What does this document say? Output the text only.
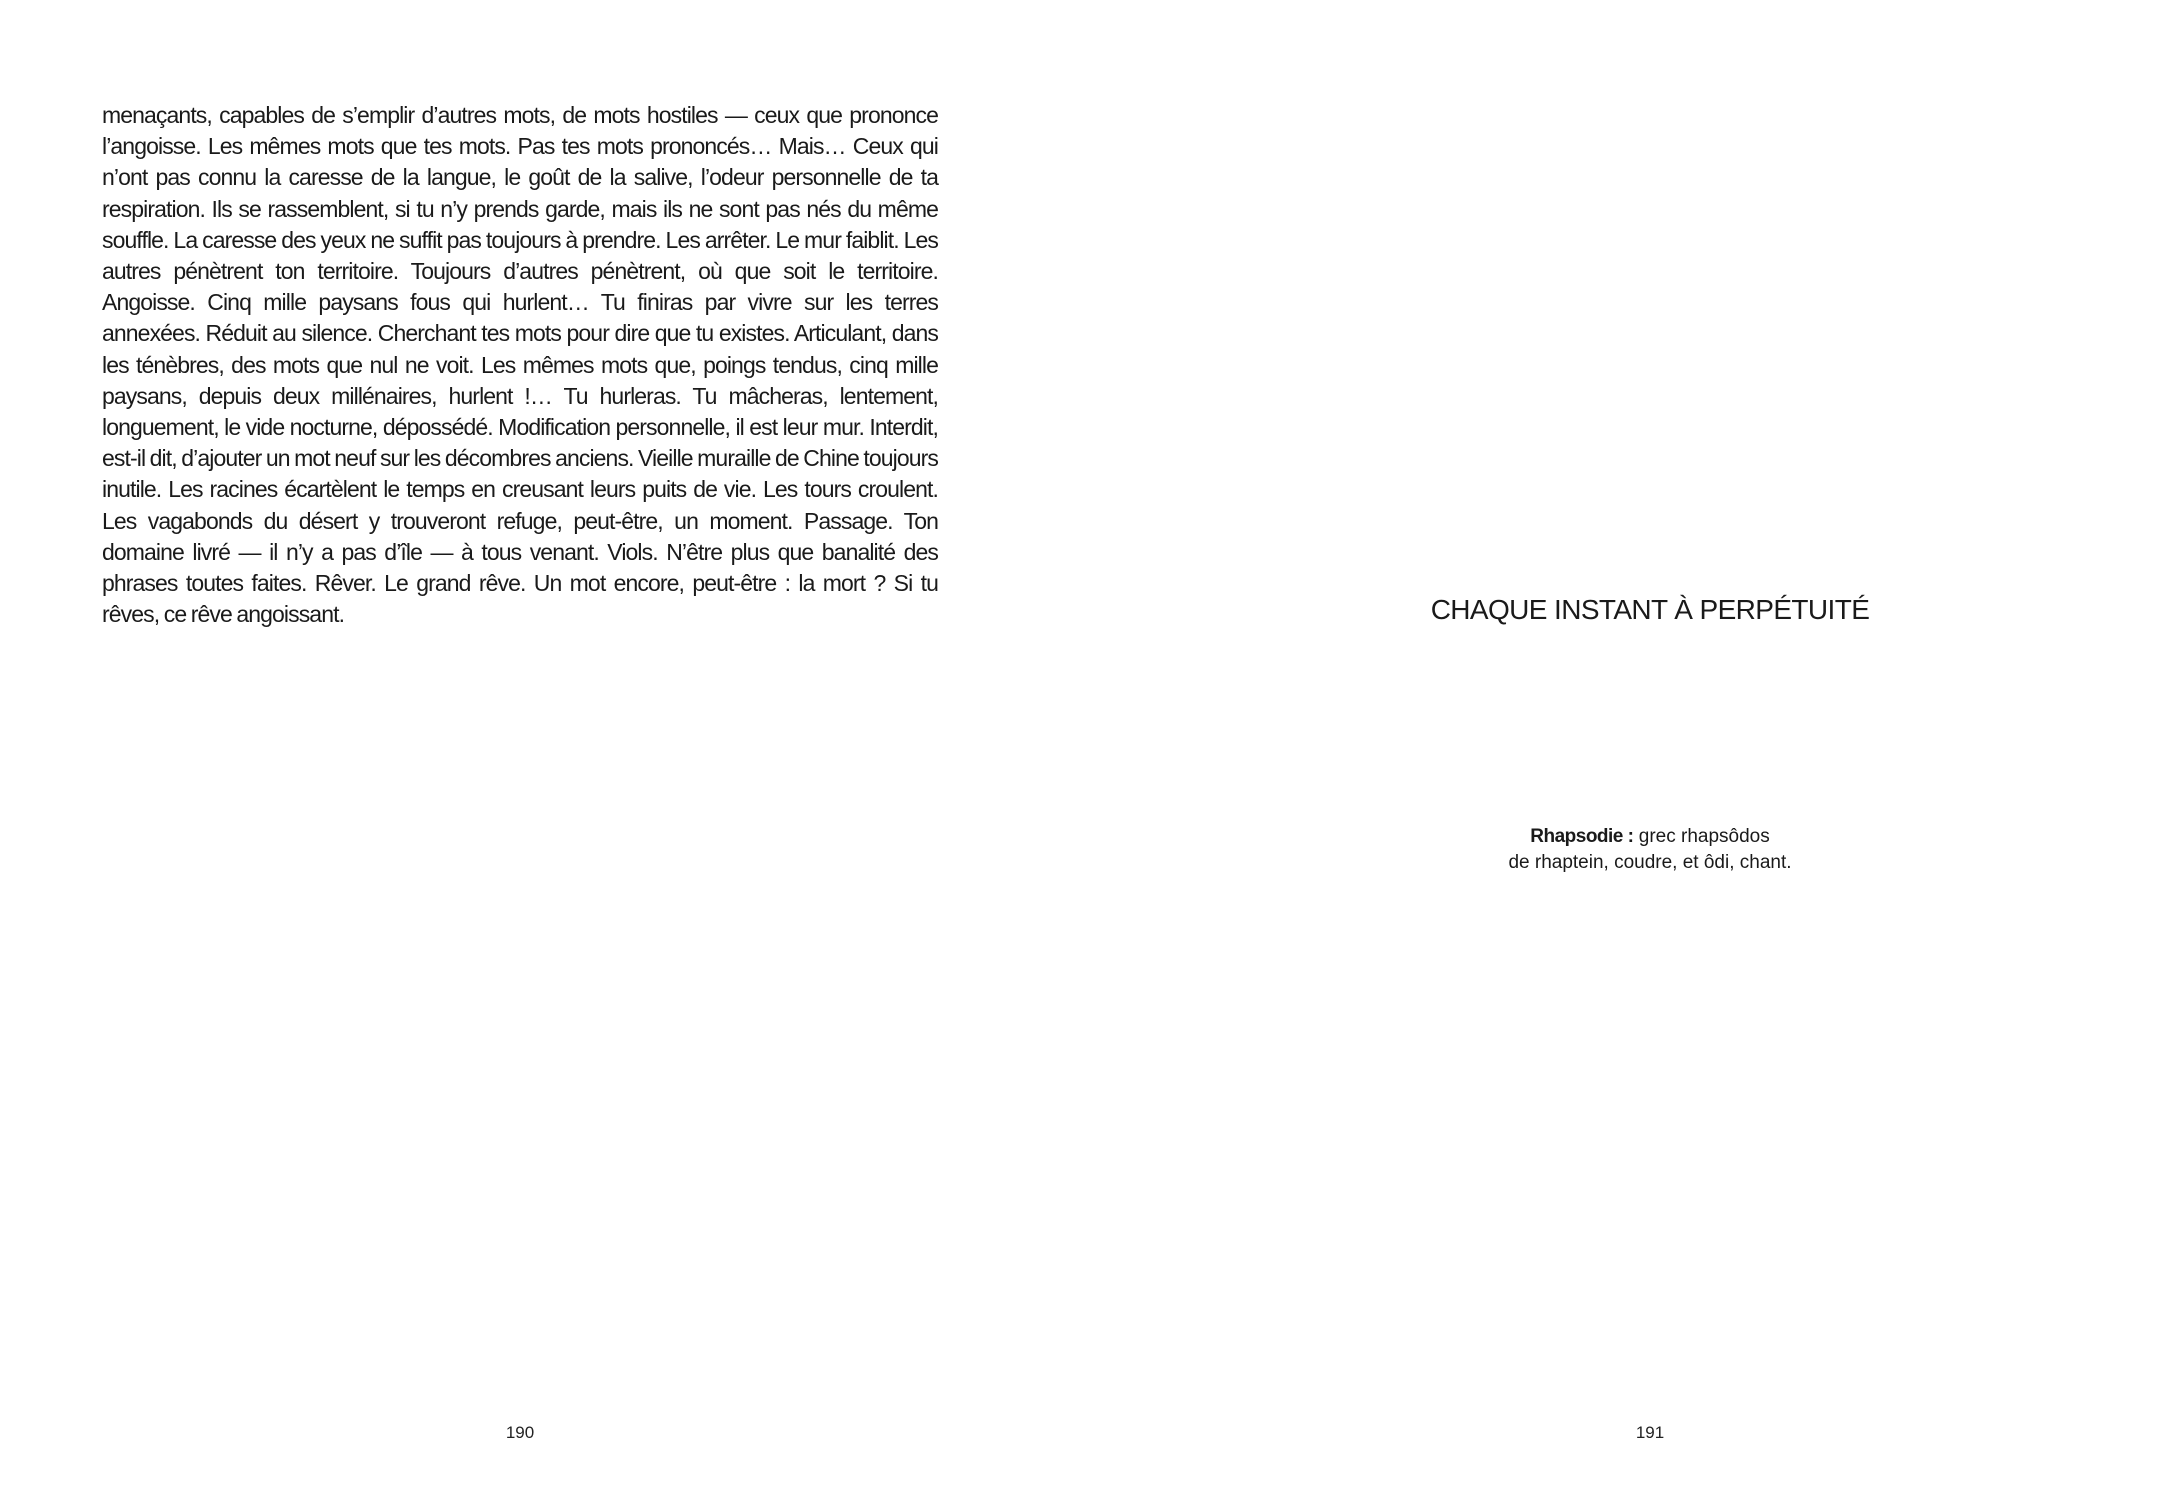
menaçants, capables de s’emplir d’autres mots, de mots hostiles — ceux que prononce l’angoisse. Les mêmes mots que tes mots. Pas tes mots prononcés… Mais… Ceux qui n’ont pas connu la caresse de la langue, le goût de la salive, l’odeur personnelle de ta respiration. Ils se rassemblent, si tu n’y prends garde, mais ils ne sont pas nés du même souffle. La caresse des yeux ne suffit pas toujours à prendre. Les arrêter. Le mur faiblit. Les autres pénètrent ton territoire. Toujours d’autres pénètrent, où que soit le territoire. Angoisse. Cinq mille paysans fous qui hurlent… Tu finiras par vivre sur les terres annexées. Réduit au silence. Cherchant tes mots pour dire que tu existes. Articulant, dans les ténèbres, des mots que nul ne voit. Les mêmes mots que, poings tendus, cinq mille paysans, depuis deux millénaires, hurlent !… Tu hurleras. Tu mâcheras, lentement, longuement, le vide nocturne, dépossédé. Modification personnelle, il est leur mur. Interdit, est-il dit, d’ajouter un mot neuf sur les décombres anciens. Vieille muraille de Chine toujours inutile. Les racines écartèlent le temps en creusant leurs puits de vie. Les tours croulent. Les vagabonds du désert y trouveront refuge, peut-être, un moment. Passage. Ton domaine livré — il n’y a pas d’île — à tous venant. Viols. N’être plus que banalité des phrases toutes faites. Rêver. Le grand rêve. Un mot encore, peut-être : la mort ? Si tu rêves, ce rêve angoissant.

190
CHAQUE INSTANT À PERPÉTUITÉ
Rhapsodie : grec rhapsôdos
de rhaptein, coudre, et ôdi, chant.
191
